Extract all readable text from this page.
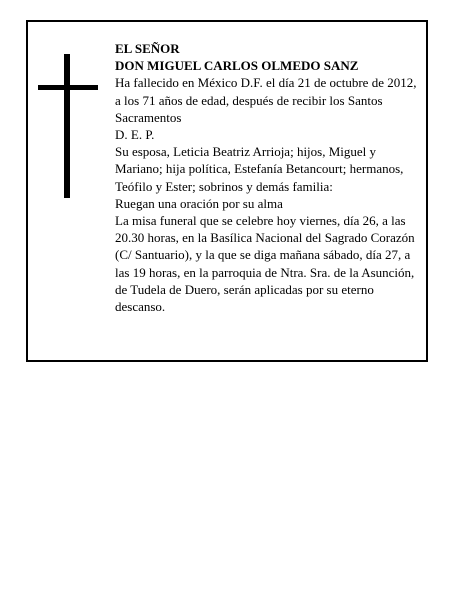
EL SEÑOR

DON MIGUEL CARLOS OLMEDO SANZ

Ha fallecido en México D.F. el día 21 de octubre de 2012, a los 71 años de edad, después de recibir los Santos Sacramentos

D. E. P.

Su esposa, Leticia Beatriz Arrioja; hijos, Miguel y Mariano; hija política, Estefanía Betancourt; hermanos, Teófilo y Ester; sobrinos y demás familia:

Ruegan una oración por su alma

La misa funeral que se celebre hoy viernes, día 26, a las 20.30 horas, en la Basílica Nacional del Sagrado Corazón (C/ Santuario), y la que se diga mañana sábado, día 27, a las 19 horas, en la parroquia de Ntra. Sra. de la Asunción, de Tudela de Duero, serán aplicadas por su eterno descanso.
